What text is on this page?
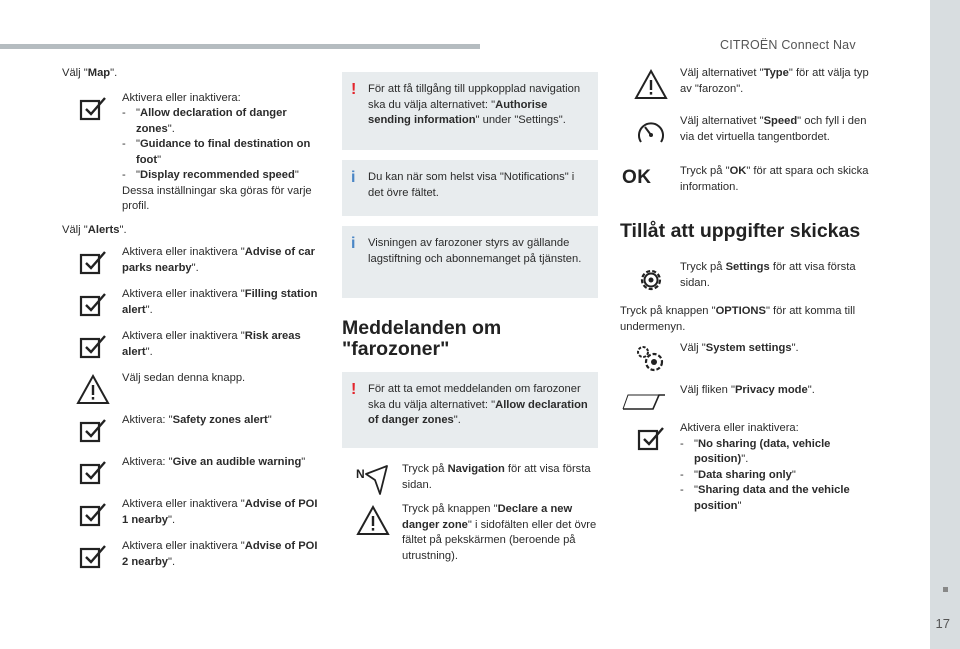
CITROËN Connect Nav
17

Välj "Map".

Aktivera eller inaktivera:

- "Allow declaration of danger zones".
- "Guidance to final destination on foot"
- "Display recommended speed"

Dessa inställningar ska göras för varje profil.

Välj "Alerts".

Aktivera eller inaktivera "Advise of car parks nearby".

Aktivera eller inaktivera "Filling station alert".

Aktivera eller inaktivera "Risk areas alert".

Välj sedan denna knapp.

Aktivera: "Safety zones alert"

Aktivera: "Give an audible warning"

Aktivera eller inaktivera "Advise of POI 1 nearby".

Aktivera eller inaktivera "Advise of POI 2 nearby".

! För att få tillgång till uppkopplad navigation ska du välja alternativet: "Authorise sending information" under "Settings".

i Du kan när som helst visa "Notifications" i det övre fältet.

i Visningen av farozoner styrs av gällande lagstiftning och abonnemanget på tjänsten.

Meddelanden om "farozoner"
! För att ta emot meddelanden om farozoner ska du välja alternativet: "Allow declaration of danger zones".

N	Tryck på Navigation för att visa första sidan.

Tryck på knappen "Declare a new danger zone" i sidofälten eller det övre fältet på pekskärmen (beroende på utrustning).

Välj alternativet "Type" för att välja typ av "farozon".

Välj alternativet "Speed" och fyll i den via det virtuella tangentbordet.

OK	Tryck på "OK" för att spara och skicka information.

Tillåt att uppgifter skickas

Tryck på Settings för att visa första sidan.

Tryck på knappen "OPTIONS" för att komma till undermenyn.

Välj "System settings".

Välj fliken "Privacy mode".

Aktivera eller inaktivera:

- "No sharing (data, vehicle position)".
- "Data sharing only"
- "Sharing data and the vehicle position"
